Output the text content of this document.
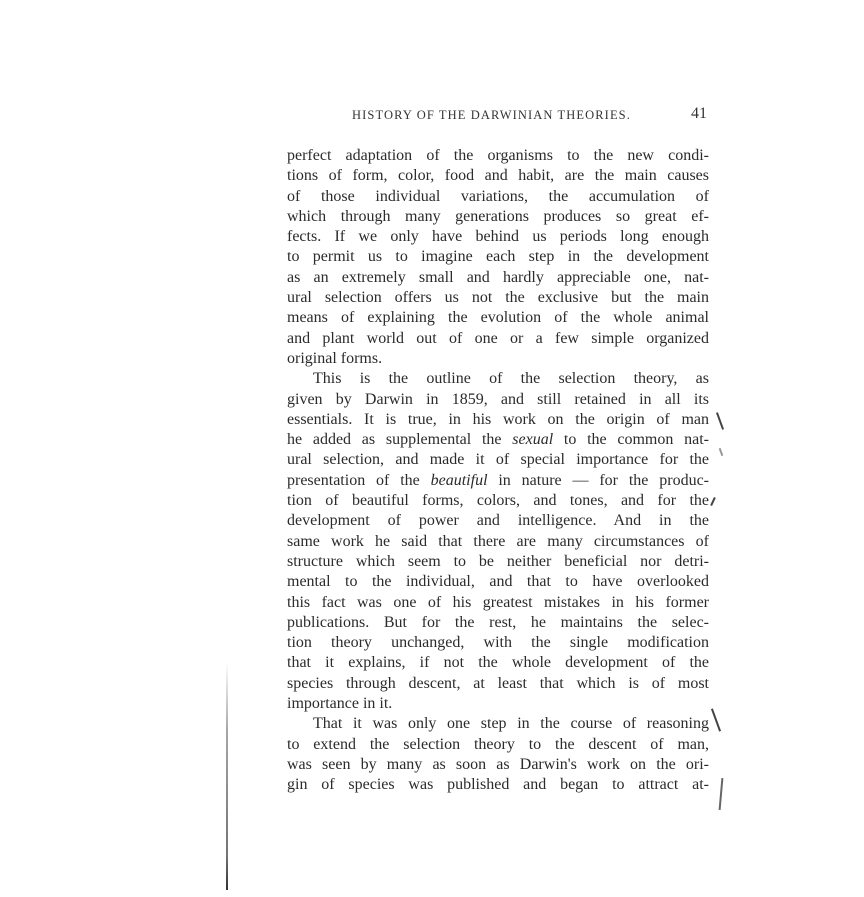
HISTORY OF THE DARWINIAN THEORIES.	41
perfect adaptation of the organisms to the new condi-
tions of form, color, food and habit, are the main causes
of those individual variations, the accumulation of
which through many generations produces so great ef-
fects. If we only have behind us periods long enough
to permit us to imagine each step in the development
as an extremely small and hardly appreciable one, nat-
ural selection offers us not the exclusive but the main
means of explaining the evolution of the whole animal
and plant world out of one or a few simple organized
original forms.
This is the outline of the selection theory, as
given by Darwin in 1859, and still retained in all its
essentials. It is true, in his work on the origin of man
he added as supplemental the sexual to the common nat-
ural selection, and made it of special importance for the
presentation of the beautiful in nature — for the produc-
tion of beautiful forms, colors, and tones, and for the
development of power and intelligence. And in the
same work he said that there are many circumstances of
structure which seem to be neither beneficial nor detri-
mental to the individual, and that to have overlooked
this fact was one of his greatest mistakes in his former
publications. But for the rest, he maintains the selec-
tion theory unchanged, with the single modification
that it explains, if not the whole development of the
species through descent, at least that which is of most
importance in it.
That it was only one step in the course of reasoning
to extend the selection theory to the descent of man,
was seen by many as soon as Darwin's work on the ori-
gin of species was published and began to attract at-
